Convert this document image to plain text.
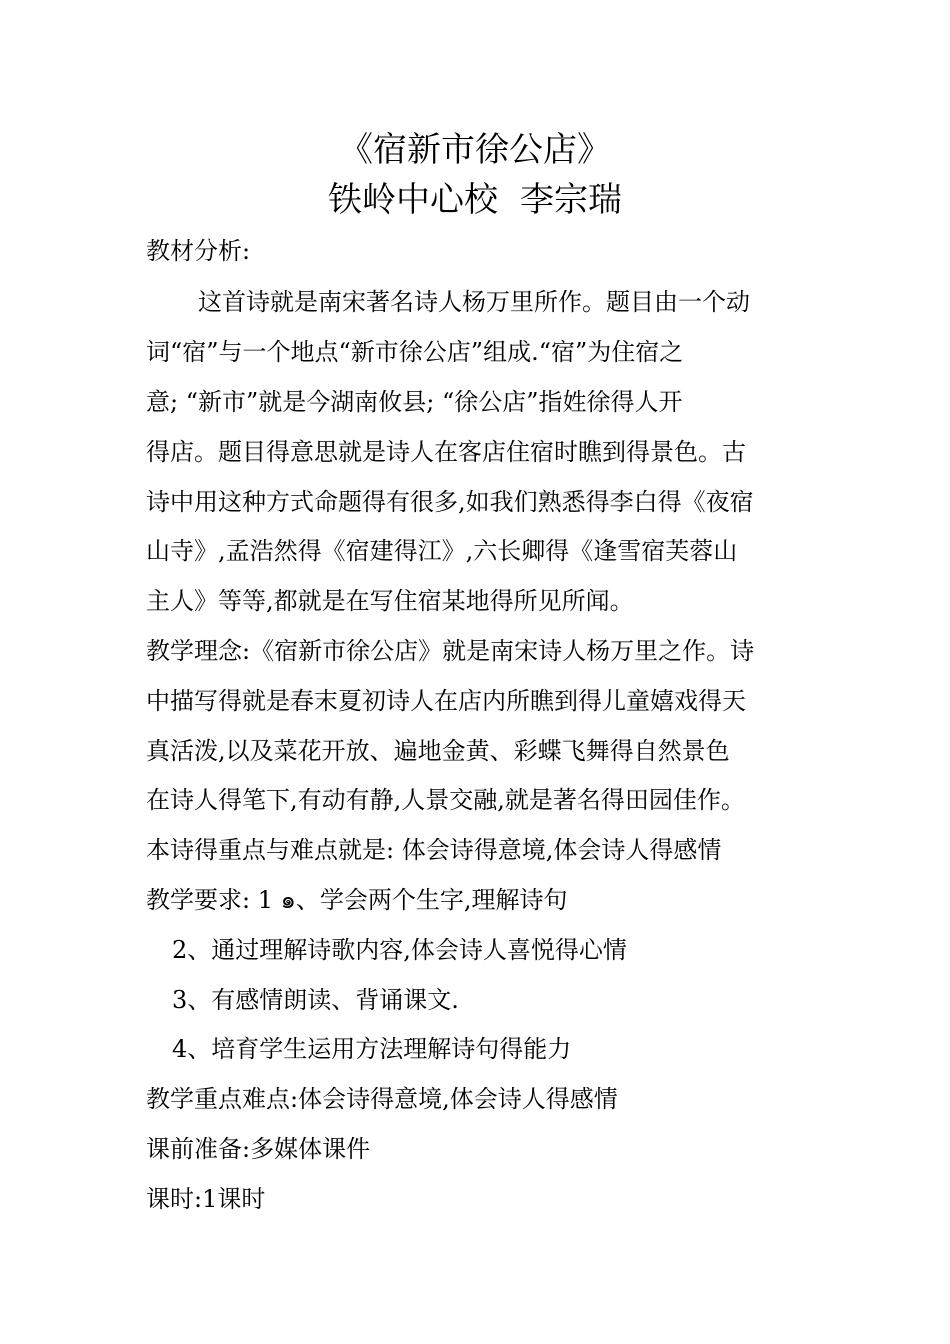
《宿新市徐公店》
铁岭中心校 李宗瑞
教材分析:
这首诗就是南宋著名诗人杨万里所作。题目由一个动
词“宿”与一个地点“新市徐公店”组成.“宿”为住宿之
意; “新市”就是今湖南攸县; “徐公店”指姓徐得人开
得店。题目得意思就是诗人在客店住宿时瞧到得景色。古
诗中用这种方式命题得有很多,如我们熟悉得李白得《夜宿
山寺》,孟浩然得《宿建得江》,六长卿得《逢雪宿芙蓉山
主人》等等,都就是在写住宿某地得所见所闻。
教学理念:《宿新市徐公店》就是南宋诗人杨万里之作。诗
中描写得就是春末夏初诗人在店内所瞧到得儿童嬉戏得天
真活泼,以及菜花开放、遍地金黄、彩蝶飞舞得自然景色
在诗人得笔下,有动有静,人景交融,就是著名得田园佳作。
本诗得重点与难点就是: 体会诗得意境,体会诗人得感情
教学要求: 1 ๑、学会两个生字,理解诗句
2、通过理解诗歌内容,体会诗人喜悦得心情
3、有感情朗读、背诵课文.
4、培育学生运用方法理解诗句得能力
教学重点难点:体会诗得意境,体会诗人得感情
课前准备:多媒体课件
课时:1课时
